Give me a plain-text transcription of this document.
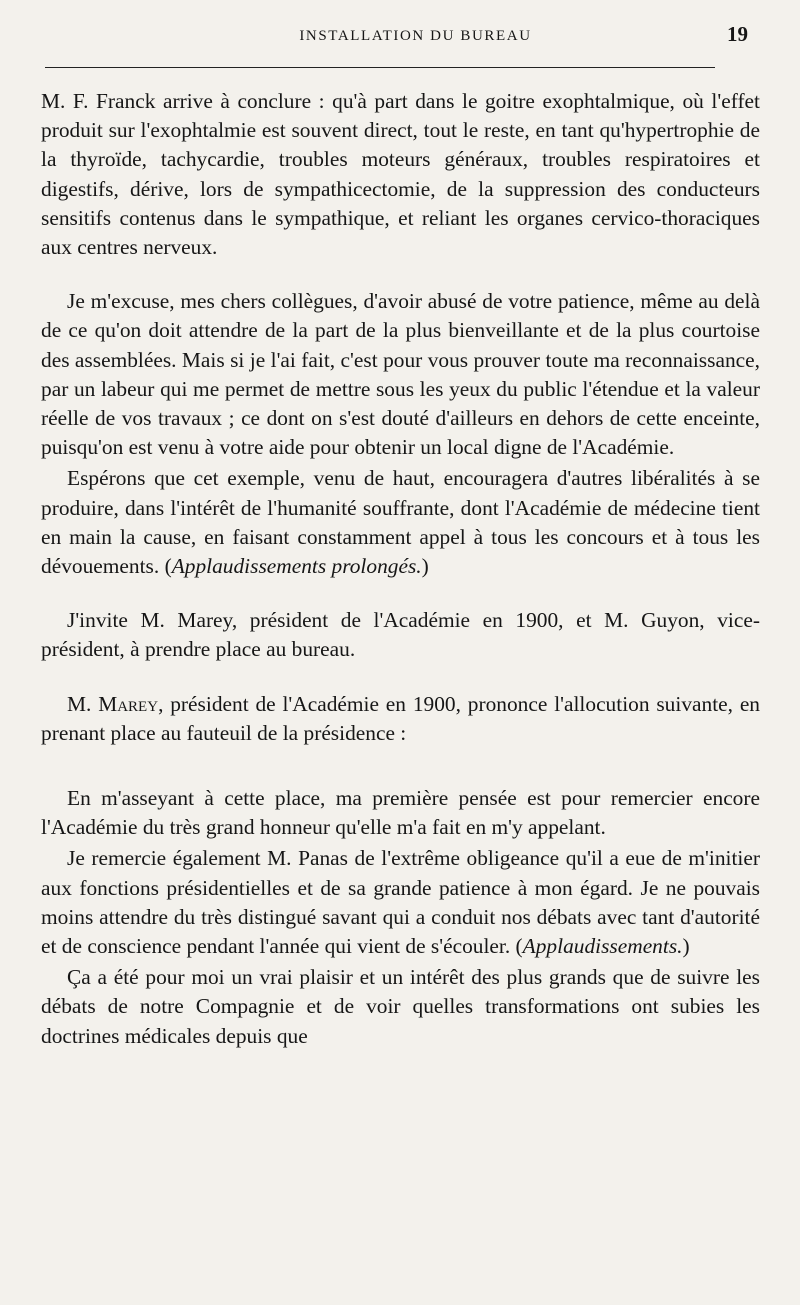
INSTALLATION DU BUREAU	19

M. F. Franck arrive à conclure : qu'à part dans le goitre exophtalmique, où l'effet produit sur l'exophtalmie est souvent direct, tout le reste, en tant qu'hypertrophie de la thyroïde, tachycardie, troubles moteurs généraux, troubles respiratoires et digestifs, dérive, lors de sympathicectomie, de la suppression des conducteurs sensitifs contenus dans le sympathique, et reliant les organes cervico-thoraciques aux centres nerveux.

Je m'excuse, mes chers collègues, d'avoir abusé de votre patience, même au delà de ce qu'on doit attendre de la part de la plus bienveillante et de la plus courtoise des assemblées. Mais si je l'ai fait, c'est pour vous prouver toute ma reconnaissance, par un labeur qui me permet de mettre sous les yeux du public l'étendue et la valeur réelle de vos travaux ; ce dont on s'est douté d'ailleurs en dehors de cette enceinte, puisqu'on est venu à votre aide pour obtenir un local digne de l'Académie.

Espérons que cet exemple, venu de haut, encouragera d'autres libéralités à se produire, dans l'intérêt de l'humanité souffrante, dont l'Académie de médecine tient en main la cause, en faisant constamment appel à tous les concours et à tous les dévouements. (Applaudissements prolongés.)

J'invite M. Marey, président de l'Académie en 1900, et M. Guyon, vice-président, à prendre place au bureau.

M. Marey, président de l'Académie en 1900, prononce l'allocution suivante, en prenant place au fauteuil de la présidence :

En m'asseyant à cette place, ma première pensée est pour remercier encore l'Académie du très grand honneur qu'elle m'a fait en m'y appelant.

Je remercie également M. Panas de l'extrême obligeance qu'il a eue de m'initier aux fonctions présidentielles et de sa grande patience à mon égard. Je ne pouvais moins attendre du très distingué savant qui a conduit nos débats avec tant d'autorité et de conscience pendant l'année qui vient de s'écouler. (Applaudissements.)

Ça a été pour moi un vrai plaisir et un intérêt des plus grands que de suivre les débats de notre Compagnie et de voir quelles transformations ont subies les doctrines médicales depuis que
